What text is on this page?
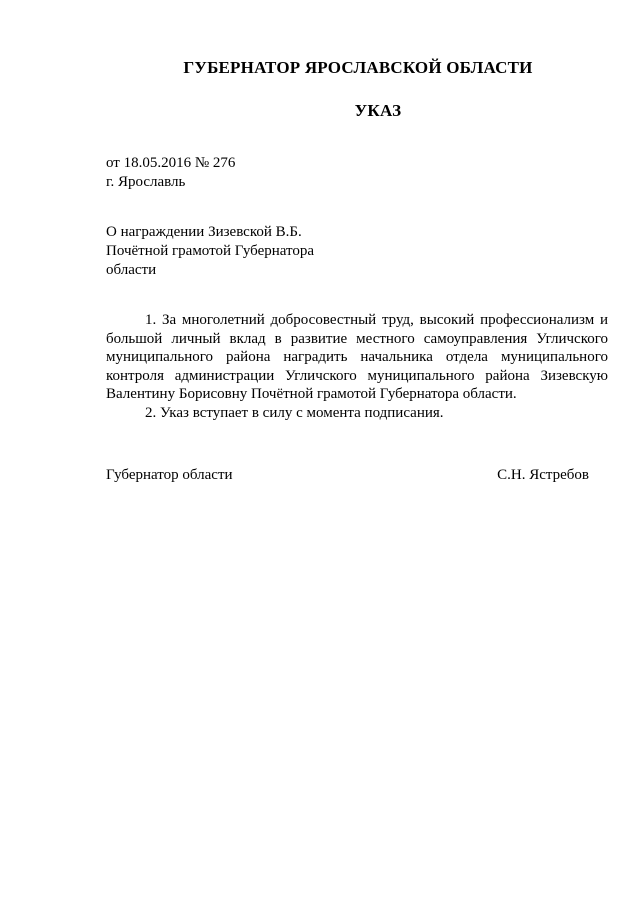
ГУБЕРНАТОР ЯРОСЛАВСКОЙ ОБЛАСТИ
УКАЗ
от 18.05.2016 № 276
г. Ярославль
О награждении Зизевской В.Б.
Почётной грамотой Губернатора
области

1. За многолетний добросовестный труд, высокий профессионализм и большой личный вклад в развитие местного самоуправления Угличского муниципального района наградить начальника отдела муниципального контроля администрации Угличского муниципального района Зизевскую Валентину Борисовну Почётной грамотой Губернатора области.

2. Указ вступает в силу с момента подписания.

Губернатор области	С.Н. Ястребов
